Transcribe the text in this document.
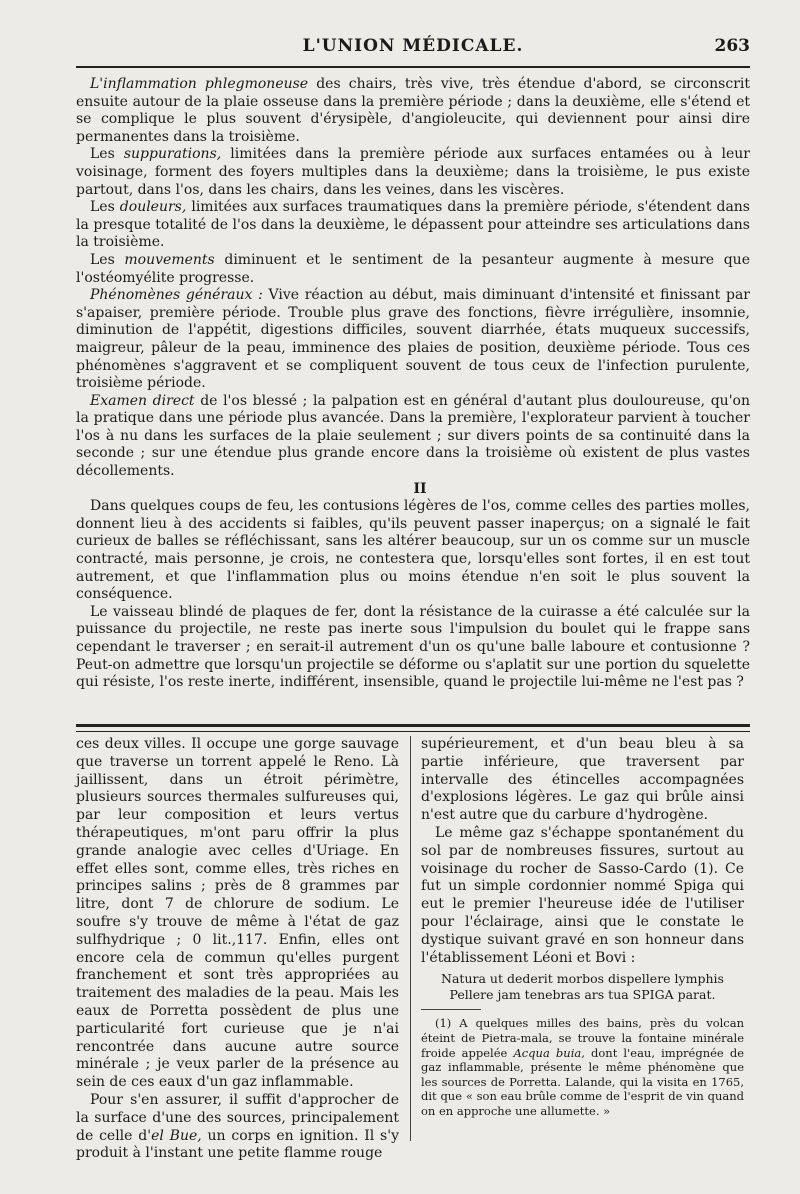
L'UNION MÉDICALE.	263

L'inflammation phlegmoneuse des chairs, très vive, très étendue d'abord, se circonscrit ensuite autour de la plaie osseuse dans la première période ; dans la deuxième, elle s'étend et se complique le plus souvent d'érysipèle, d'angioleucite, qui deviennent pour ainsi dire permanentes dans la troisième.

Les suppurations, limitées dans la première période aux surfaces entamées ou à leur voisinage, forment des foyers multiples dans la deuxième; dans la troisième, le pus existe partout, dans l'os, dans les chairs, dans les veines, dans les viscères.

Les douleurs, limitées aux surfaces traumatiques dans la première période, s'étendent dans la presque totalité de l'os dans la deuxième, le dépassent pour atteindre ses articulations dans la troisième.

Les mouvements diminuent et le sentiment de la pesanteur augmente à mesure que l'ostéomyélite progresse.

Phénomènes généraux : Vive réaction au début, mais diminuant d'intensité et finissant par s'apaiser, première période. Trouble plus grave des fonctions, fièvre irrégulière, insomnie, diminution de l'appétit, digestions difficiles, souvent diarrhée, états muqueux successifs, maigreur, pâleur de la peau, imminence des plaies de position, deuxième période. Tous ces phénomènes s'aggravent et se compliquent souvent de tous ceux de l'infection purulente, troisième période.

Examen direct de l'os blessé ; la palpation est en général d'autant plus douloureuse, qu'on la pratique dans une période plus avancée. Dans la première, l'explorateur parvient à toucher l'os à nu dans les surfaces de la plaie seulement ; sur divers points de sa continuité dans la seconde ; sur une étendue plus grande encore dans la troisième où existent de plus vastes décollements.

II

Dans quelques coups de feu, les contusions légères de l'os, comme celles des parties molles, donnent lieu à des accidents si faibles, qu'ils peuvent passer inaperçus; on a signalé le fait curieux de balles se réfléchissant, sans les altérer beaucoup, sur un os comme sur un muscle contracté, mais personne, je crois, ne contestera que, lorsqu'elles sont fortes, il en est tout autrement, et que l'inflammation plus ou moins étendue n'en soit le plus souvent la conséquence.

Le vaisseau blindé de plaques de fer, dont la résistance de la cuirasse a été calculée sur la puissance du projectile, ne reste pas inerte sous l'impulsion du boulet qui le frappe sans cependant le traverser ; en serait-il autrement d'un os qu'une balle laboure et contusionne ? Peut-on admettre que lorsqu'un projectile se déforme ou s'aplatit sur une portion du squelette qui résiste, l'os reste inerte, indifférent, insensible, quand le projectile lui-même ne l'est pas ?

ces deux villes. Il occupe une gorge sauvage que traverse un torrent appelé le Reno. Là jaillissent, dans un étroit périmètre, plusieurs sources thermales sulfureuses qui, par leur composition et leurs vertus thérapeutiques, m'ont paru offrir la plus grande analogie avec celles d'Uriage. En effet elles sont, comme elles, très riches en principes salins ; près de 8 grammes par litre, dont 7 de chlorure de sodium. Le soufre s'y trouve de même à l'état de gaz sulfhydrique ; 0 lit.,117. Enfin, elles ont encore cela de commun qu'elles purgent franchement et sont très appropriées au traitement des maladies de la peau. Mais les eaux de Porretta possèdent de plus une particularité fort curieuse que je n'ai rencontrée dans aucune autre source minérale ; je veux parler de la présence au sein de ces eaux d'un gaz inflammable.

Pour s'en assurer, il suffit d'approcher de la surface d'une des sources, principalement de celle d'el Bue, un corps en ignition. Il s'y produit à l'instant une petite flamme rouge

supérieurement, et d'un beau bleu à sa partie inférieure, que traversent par intervalle des étincelles accompagnées d'explosions légères. Le gaz qui brûle ainsi n'est autre que du carbure d'hydrogène.

Le même gaz s'échappe spontanément du sol par de nombreuses fissures, surtout au voisinage du rocher de Sasso-Cardo (1). Ce fut un simple cordonnier nommé Spiga qui eut le premier l'heureuse idée de l'utiliser pour l'éclairage, ainsi que le constate le dystique suivant gravé en son honneur dans l'établissement Léoni et Bovi :

Natura ut dederit morbos dispellere lymphis
Pellere jam tenebras ars tua SPIGA parat.

(1) A quelques milles des bains, près du volcan éteint de Pietra-mala, se trouve la fontaine minérale froide appelée Acqua buia, dont l'eau, imprégnée de gaz inflammable, présente le même phénomène que les sources de Porretta. Lalande, qui la visita en 1765, dit que « son eau brûle comme de l'esprit de vin quand on en approche une allumette. »
